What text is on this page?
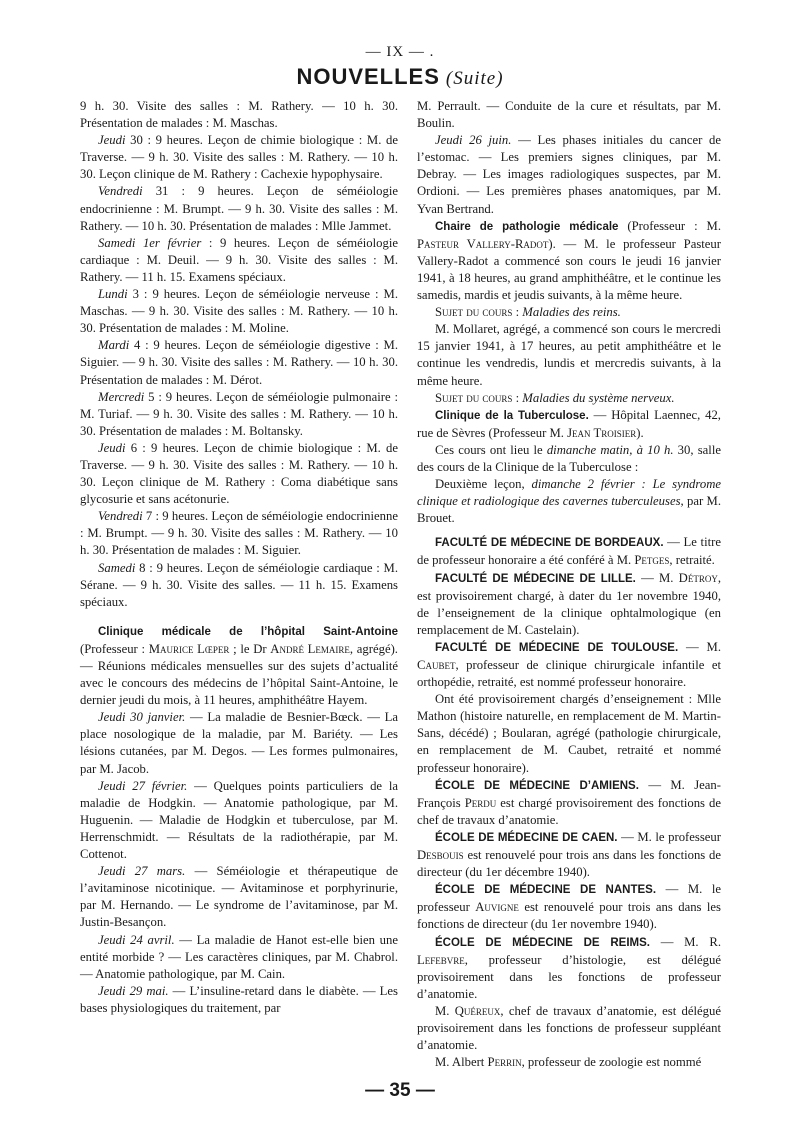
— IX — .
NOUVELLES (Suite)

9 h. 30. Visite des salles : M. Rathery. — 10 h. 30. Présentation de malades : M. Maschas.

Jeudi 30 : 9 heures. Leçon de chimie biologique : M. de Traverse. — 9 h. 30. Visite des salles : M. Rathery. — 10 h. 30. Leçon clinique de M. Rathery : Cachexie hypophysaire.

Vendredi 31 : 9 heures. Leçon de séméiologie endocrinienne : M. Brumpt. — 9 h. 30. Visite des salles : M. Rathery. — 10 h. 30. Présentation de malades : Mlle Jammet.

Samedi 1er février : 9 heures. Leçon de séméiologie cardiaque : M. Deuil. — 9 h. 30. Visite des salles : M. Rathery. — 11 h. 15. Examens spéciaux.

Lundi 3 : 9 heures. Leçon de séméiologie nerveuse : M. Maschas. — 9 h. 30. Visite des salles : M. Rathery. — 10 h. 30. Présentation de malades : M. Moline.

Mardi 4 : 9 heures. Leçon de séméiologie digestive : M. Siguier. — 9 h. 30. Visite des salles : M. Rathery. — 10 h. 30. Présentation de malades : M. Dérot.

Mercredi 5 : 9 heures. Leçon de séméiologie pulmonaire : M. Turiaf. — 9 h. 30. Visite des salles : M. Rathery. — 10 h. 30. Présentation de malades : M. Boltansky.

Jeudi 6 : 9 heures. Leçon de chimie biologique : M. de Traverse. — 9 h. 30. Visite des salles : M. Rathery. — 10 h. 30. Leçon clinique de M. Rathery : Coma diabétique sans glycosurie et sans acétonurie.

Vendredi 7 : 9 heures. Leçon de séméiologie endocrinienne : M. Brumpt. — 9 h. 30. Visite des salles : M. Rathery. — 10 h. 30. Présentation de malades : M. Siguier.

Samedi 8 : 9 heures. Leçon de séméiologie cardiaque : M. Sérane. — 9 h. 30. Visite des salles. — 11 h. 15. Examens spéciaux.

Clinique médicale de l’hôpital Saint-Antoine (Professeur : Maurice Lœper ; le Dr André Lemaire, agrégé). — Réunions médicales mensuelles sur des sujets d’actualité avec le concours des médecins de l’hôpital Saint-Antoine, le dernier jeudi du mois, à 11 heures, amphithéâtre Hayem.

Jeudi 30 janvier. — La maladie de Besnier-Bœck. — La place nosologique de la maladie, par M. Bariéty. — Les lésions cutanées, par M. Degos. — Les formes pulmonaires, par M. Jacob.

Jeudi 27 février. — Quelques points particuliers de la maladie de Hodgkin. — Anatomie pathologique, par M. Huguenin. — Maladie de Hodgkin et tuberculose, par M. Herrenschmidt. — Résultats de la radiothérapie, par M. Cottenot.

Jeudi 27 mars. — Séméiologie et thérapeutique de l’avitaminose nicotinique. — Avitaminose et porphyrinurie, par M. Hernando. — Le syndrome de l’avitaminose, par M. Justin-Besançon.

Jeudi 24 avril. — La maladie de Hanot est-elle bien une entité morbide ? — Les caractères cliniques, par M. Chabrol. — Anatomie pathologique, par M. Cain.

Jeudi 29 mai. — L’insuline-retard dans le diabète. — Les bases physiologiques du traitement, par

M. Perrault. — Conduite de la cure et résultats, par M. Boulin.

Jeudi 26 juin. — Les phases initiales du cancer de l’estomac. — Les premiers signes cliniques, par M. Debray. — Les images radiologiques suspectes, par M. Ordioni. — Les premières phases anatomiques, par M. Yvan Bertrand.

Chaire de pathologie médicale (Professeur : M. Pasteur Vallery-Radot). — M. le professeur Pasteur Vallery-Radot a commencé son cours le jeudi 16 janvier 1941, à 18 heures, au grand amphithéâtre, et le continue les samedis, mardis et jeudis suivants, à la même heure.

Sujet du cours : Maladies des reins.

M. Mollaret, agrégé, a commencé son cours le mercredi 15 janvier 1941, à 17 heures, au petit amphithéâtre et le continue les vendredis, lundis et mercredis suivants, à la même heure.

Sujet du cours : Maladies du système nerveux.

Clinique de la Tuberculose. — Hôpital Laennec, 42, rue de Sèvres (Professeur M. Jean Troisier).

Ces cours ont lieu le dimanche matin, à 10 h. 30, salle des cours de la Clinique de la Tuberculose :

Deuxième leçon, dimanche 2 février : Le syndrome clinique et radiologique des cavernes tuberculeuses, par M. Brouet.

FACULTÉ DE MÉDECINE DE BORDEAUX. — Le titre de professeur honoraire a été conféré à M. Petges, retraité.

FACULTÉ DE MÉDECINE DE LILLE. — M. Détroy, est provisoirement chargé, à dater du 1er novembre 1940, de l’enseignement de la clinique ophtalmologique (en remplacement de M. Castelain).

FACULTÉ DE MÉDECINE DE TOULOUSE. — M. Caubet, professeur de clinique chirurgicale infantile et orthopédie, retraité, est nommé professeur honoraire.

Ont été provisoirement chargés d’enseignement : Mlle Mathon (histoire naturelle, en remplacement de M. Martin-Sans, décédé) ; Boularan, agrégé (pathologie chirurgicale, en remplacement de M. Caubet, retraité et nommé professeur honoraire).

ÉCOLE DE MÉDECINE D’AMIENS. — M. Jean-François Perdu est chargé provisoirement des fonctions de chef de travaux d’anatomie.

ÉCOLE DE MÉDECINE DE CAEN. — M. le professeur Desbouis est renouvelé pour trois ans dans les fonctions de directeur (du 1er décembre 1940).

ÉCOLE DE MÉDECINE DE NANTES. — M. le professeur Auvigne est renouvelé pour trois ans dans les fonctions de directeur (du 1er novembre 1940).

ÉCOLE DE MÉDECINE DE REIMS. — M. R. Lefebvre, professeur d’histologie, est délégué provisoirement dans les fonctions de professeur d’anatomie.

M. Quéreux, chef de travaux d’anatomie, est délégué provisoirement dans les fonctions de professeur suppléant d’anatomie.

M. Albert Perrin, professeur de zoologie est nommé

— 35 —
